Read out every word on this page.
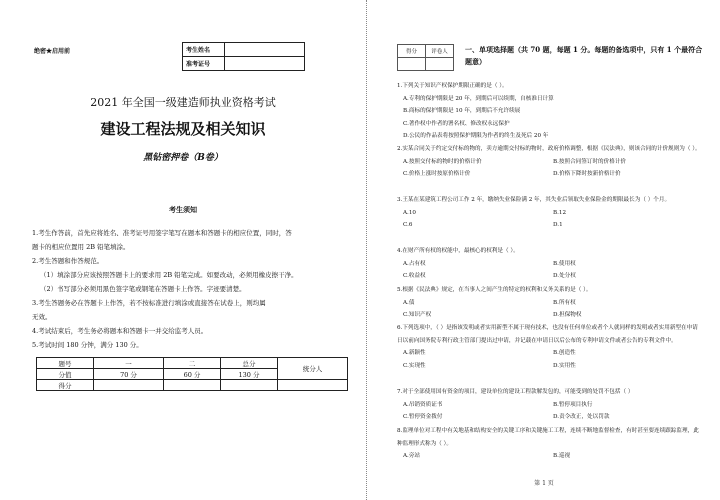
绝密★启用前	考生姓名	
准考证号	
2021 年全国一级建造师执业资格考试
建设工程法规及相关知识
黑钻密押卷（B卷）
考生须知

1.考生作答前，首先应将姓名、准考证号用签字笔写在题本和答题卡的相应位置，同时，答

题卡的相应位置用 2B 铅笔填涂。

2.考生答题和作答规范。

（1）填涂部分应该按照答题卡上的要求用 2B 铅笔完成。如要改动，必须用橡皮擦干净。

（2）书写部分必须用黑色签字笔或钢笔在答题卡上作答。字迹要清楚。

3.考生答题务必在答题卡上作答，若不按标准进行填涂或直接答在试卷上，则均属

无效。

4.考试结束后，考生务必将题本和答题卡一并交给监考人员。

5.考试时间 180 分钟，满分 130 分。

题号	一	二	总分	统分人
分值	70 分	60 分	130 分	
得分				
得分	评卷人
	一、单项选择题（共 70 题，每题 1 分。每题的备选项中，只有 1 个最符合题意）

1.下列关于知识产权保护期限正确的是（ ）。

A.专利的保护期限是 20 年，到期后可以续期，自核准日计算

B.商标的保护期限是 10 年，到期后不允许续展

C.著作权中作者的署名权、修改权永远保护

D.公民的作品表将按照保护期限为作者的终生及死后 20 年

2.实某合同关于约定交付标的物的，卖方逾期交付标的物时，政府价格调整，根据《民法典》，则该合同的计价规则为（ ）。

A.按照交付标的物时的价格计价	B.按照合同签订时的价格计价
C.价格上涨时按原价格计价	D.价格下降时按新价格计价

3.王某在某建筑工程公司工作 2 年，缴纳失业保险满 2 年，其失业后领取失业保险金的期限最长为（ ）个月。

A.10	B.12
C.6	D.1

4.在财产所有权的权能中，最核心的权利是（ ）。

A.占有权	B.使用权
C.收益权	D.处分权

5.根据《民法典》规定，在当事人之间产生的特定的权利和义务关系的是（ ）。

A.债	B.所有权
C.知识产权	D.担保物权

6.下列选项中，（ ）是指该发明或者实用新型不属于现有技术，也没有任何单位或者个人就同样的发明或者实用新型在申请日以前向国务院专利行政主管部门提出过申请，并记载在申请日以后公布的专利申请文件或者公告的专利文件中。

A.新颖性	B.创造性
C.实现性	D.实用性

7.对于全部使用国有资金的项目，建设单位的建设工程款解发包的，可能受到的处罚不包括（ ）

A.吊销资质证书	B.暂停项目执行
C.暂停资金拨付	D.责令改正，处以罚款

8.监理单位对工程中有关地基和结构安全的关键工序和关键施工工程，连续不断地监督检查，有时甚至要连续跟踪监理，此种监理形式称为（ ）。

A.旁站	B.巡视
第 1 页
